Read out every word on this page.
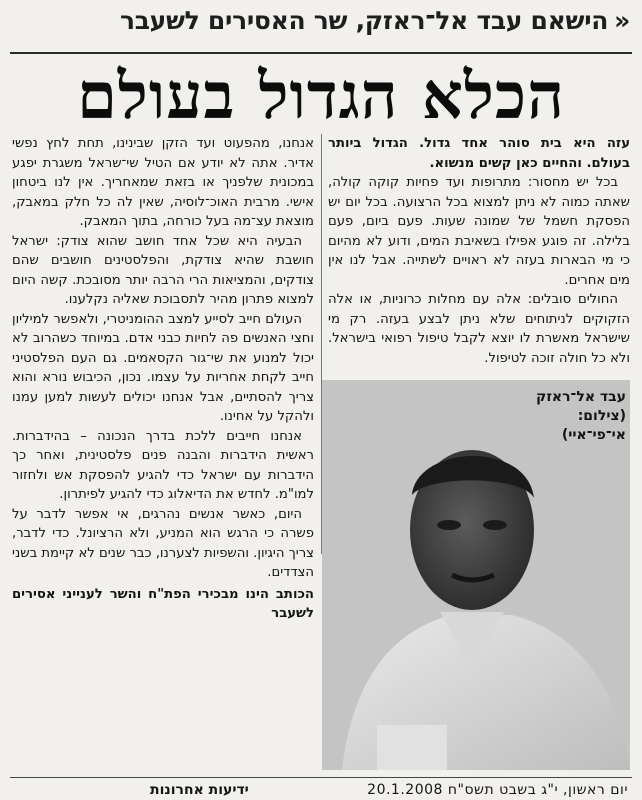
«הישאם עבד אל־ראזק, שר האסירים לשעבר
הכלא הגדול בעולם

עזה היא בית סוהר אחד גדול. הגדול ביותר בעולם. והחיים כאן קשים מנשוא.

בכל יש מחסור: מתרופות ועד פחיות קוקה קולה, שאתה כמוה לא ניתן למצוא בכל הרצועה. בכל יום יש הפסקת חשמל של שמונה שעות. פעם ביום, פעם בלילה. זה פוגע אפילו בשאיבת המים, ודוע לא מהיום כי מי הבארות בעזה לא ראויים לשתייה. אבל לנו אין מים אחרים.

החולים סובלים: אלה עם מחלות כרוניות, או אלה הזקוקים לניתוחים שלא ניתן לבצע בעזה. רק מי שישראל מאשרת לו יוצא לקבל טיפול רפואי בישראל. ולא כל חולה זוכה לטיפול.

אנחנו, מהפעוט ועד הזקן שבינינו, תחת לחץ נפשי אדיר. אתה לא יודע אם הטיל שי־שראל משגרת יפגע במכונית שלפניך או בזאת שמאחריך. אין לנו ביטחון אישי. מרבית האוכ־לוסיה, שאין לה כל חלק במאבק, מוצאת עצ־מה בעל כורחה, בתוך המאבק.

הבעיה היא שכל אחד חושב שהוא צודק: ישראל חושבת שהיא צודקת, והפלסטינים חושבים שהם צודקים, והמציאות הרי הרבה יותר מסובכת. קשה היום למצוא פתרון מהיר לתסבוכת שאליה נקלענו.

העולם חייב לסייע למצב ההומניטרי, ולאפשר למיליון וחצי האנשים פה לחיות כבני אדם. במיוחד כשהרוב לא יכול למנוע את שי־גור הקסאמים. גם העם הפלסטיני חייב לקחת אחריות על עצמו. נכון, הכיבוש נורא והוא צריך להסתיים, אבל אנחנו יכולים לעשות למען עמנו ולהקל על אחינו.

אנחנו חייבים ללכת בדרך הנכונה – בהידברות. ראשית הידברות והבנה פנים פלסטינית, ואחר כך הידברות עם ישראל כדי להגיע להפסקת אש ולחזור למו"מ. לחדש את הדיאלוג כדי להגיע לפיתרון.

היום, כאשר אנשים נהרגים, אי אפשר לדבר על פשרה כי הרגש הוא המניע, ולא הרציונל. כדי לדבר, צריך היגיון. והשפיות לצערנו, כבר שנים לא קיימת בשני הצדדים.

הכותב הינו מבכירי הפת"ח והשר לענייני אסירים לשעבר

עבד אל־ראזק
(צילום:
אי־פי־איי)
יום ראשון, י"ג בשבט תשס"ח 20.1.2008
ידיעות אחרונות
